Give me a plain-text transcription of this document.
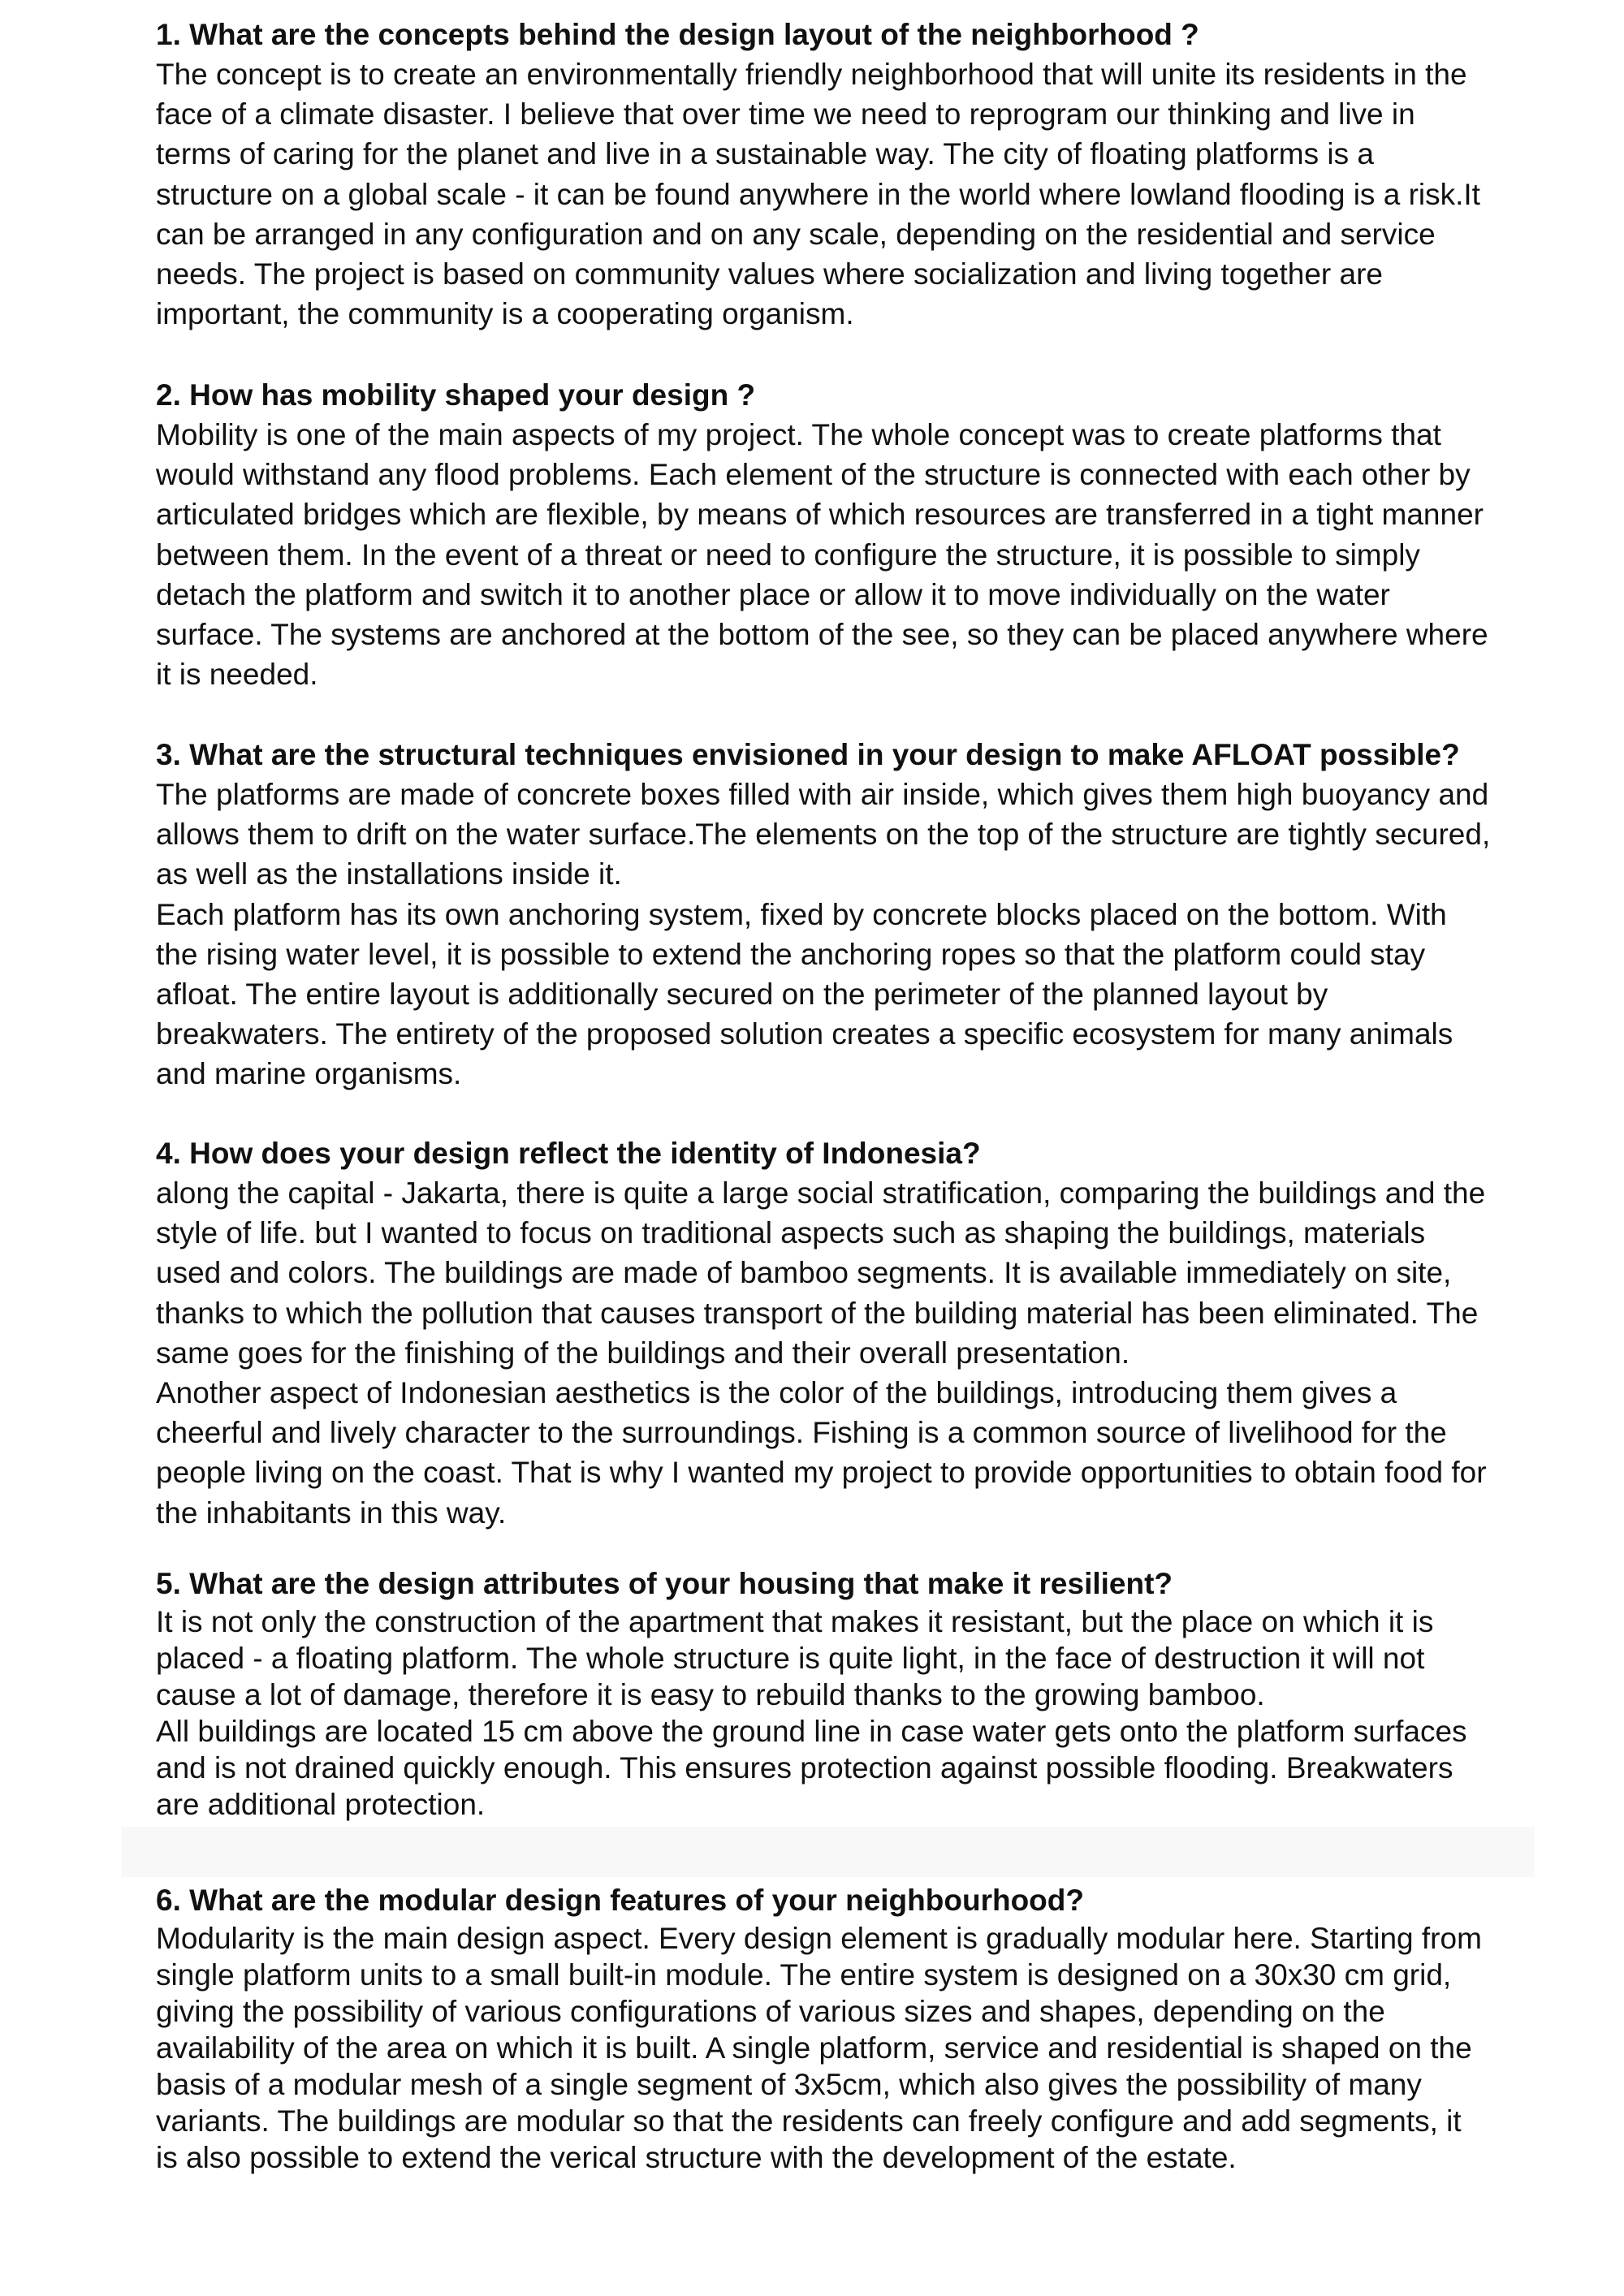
1. What are the concepts behind the design layout of the neighborhood ?

The concept is to create an environmentally friendly neighborhood that will unite its residents in the
face of a climate disaster. I believe that over time we need to reprogram our thinking and live in
terms of caring for the planet and live in a sustainable way. The city of floating platforms is a
structure on a global scale - it can be found anywhere in the world where lowland flooding is a risk.It
can be arranged in any configuration and on any scale, depending on the residential and service
needs. The project is based on community values where socialization and living together are
important, the community is a cooperating organism.

2. How has mobility shaped your design ?

Mobility is one of the main aspects of my project. The whole concept was to create platforms that
would withstand any flood problems. Each element of the structure is connected with each other by
articulated bridges which are flexible, by means of which resources are transferred in a tight manner
between them. In the event of a threat or need to configure the structure, it is possible to simply
detach the platform and switch it to another place or allow it to move individually on the water
surface. The systems are anchored at the bottom of the see, so they can be placed anywhere where
it is needed.

3. What are the structural techniques envisioned in your design to make AFLOAT possible?

The platforms are made of concrete boxes filled with air inside, which gives them high buoyancy and
allows them to drift on the water surface.The elements on the top of the structure are tightly secured,
as well as the installations inside it.

Each platform has its own anchoring system, fixed by concrete blocks placed on the bottom. With
the rising water level, it is possible to extend the anchoring ropes so that the platform could stay
afloat. The entire layout is additionally secured on the perimeter of the planned layout by
breakwaters. The entirety of the proposed solution creates a specific ecosystem for many animals
and marine organisms.

4. How does your design reflect the identity of Indonesia?

along the capital - Jakarta, there is quite a large social stratification, comparing the buildings and the
style of life. but I wanted to focus on traditional aspects such as shaping the buildings, materials
used and colors. The buildings are made of bamboo segments. It is available immediately on site,
thanks to which the pollution that causes transport of the building material has been eliminated. The
same goes for the finishing of the buildings and their overall presentation.

Another aspect of Indonesian aesthetics is the color of the buildings, introducing them gives a
cheerful and lively character to the surroundings. Fishing is a common source of livelihood for the
people living on the coast. That is why I wanted my project to provide opportunities to obtain food for
the inhabitants in this way.

5. What are the design attributes of your housing that make it resilient?

It is not only the construction of the apartment that makes it resistant, but the place on which it is
placed - a floating platform. The whole structure is quite light, in the face of destruction it will not
cause a lot of damage, therefore it is easy to rebuild thanks to the growing bamboo.

All buildings are located 15 cm above the ground line in case water gets onto the platform surfaces
and is not drained quickly enough. This ensures protection against possible flooding. Breakwaters
are additional protection.

6. What are the modular design features of your neighbourhood?

Modularity is the main design aspect. Every design element is gradually modular here. Starting from
single platform units to a small built-in module. The entire system is designed on a 30x30 cm grid,
giving the possibility of various configurations of various sizes and shapes, depending on the
availability of the area on which it is built. A single platform, service and residential is shaped on the
basis of a modular mesh of a single segment of 3x5cm, which also gives the possibility of many
variants. The buildings are modular so that the residents can freely configure and add segments, it
is also possible to extend the verical structure with the development of the estate.
